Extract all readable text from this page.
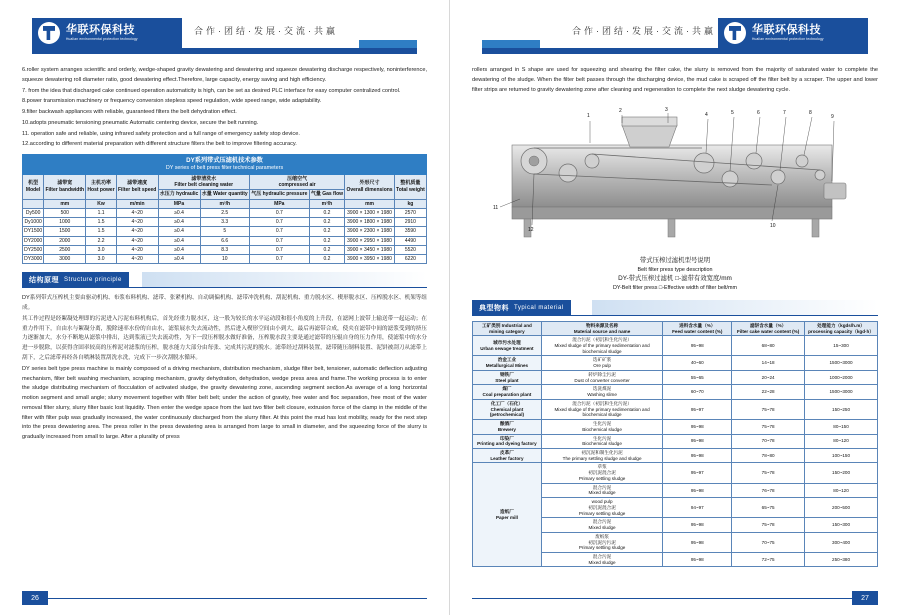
华联环保科技
Hualian environmental protection technology
合作·团结·发展·交流·共赢

6.roller system arranges scientific and orderly, wedge-shaped gravity dewatering and dewatering and squeeze dewatering discharge respectively, noninterference, squeeze dewatering roll diameter ratio, good dewatering effect.Therefore, large capacity, energy saving and high efficiency.

7. from the idea that discharged cake continued operation automaticity is high, can be set as desired PLC interface for easy computer centralized control.

8.power transmission machinery or frequency conversion stepless speed regulation, wide speed range, wide adaptability.

9.filter backwash appliances with reliable, guaranteed filters the belt dehydration effect.

10.adopts pneumatic tensioning pneumatic Automatic centering device, secure the belt running.

11. operation safe and reliable, using infrared safety protection and a full range of emergency safety stop device.

12.according to different material preparation with different structure filters the belt to improve filtering accuracy.

DY系列带式压滤机技术参数
DY series of belt press filter technical parameters									

机型
Model

滤带宽
Filter bandwidth

主机功率
Host power

滤带速度
Filter belt speed

滤带清洗水
Filter belt cleaning water

压缩空气
compressed air	外形尺寸
Overall dimensions

整机质量
Total weight

				水压力 hydraulic	水量 Water quantity	气压 hydraulic pressure	气量 Gas flow		

	mm	Kw	m/min	MPa	m³/h	MPa	m³/h	mm	kg
Dy500	500	1.1	4~20	≥0.4	2.5	0.7	0.2	3900 × 1300 × 1980	2570
Dy1000	1000	1.5	4~20	≥0.4	3.3	0.7	0.2	3900 × 1800 × 1980	2910
DY1500	1500	1.5	4~20	≥0.4	5	0.7	0.2	3900 × 2300 × 1980	3590
DY2000	2000	2.2	4~20	≥0.4	6.6	0.7	0.2	3900 × 2950 × 1980	4490
DY2500	2500	3.0	4~20	≥0.4	8.3	0.7	0.2	3900 × 3450 × 1980	5520
DY3000	3000	3.0	4~20	≥0.4	10	0.7	0.2	3900 × 3950 × 1980	6220
结构原理 Structure principle

DY系列带式压榨机主要由驱动机构、布浆布料机构、滤带、张紧机构、自动调偏机构、滤带冲洗机构、刮泥机构、重力脱水区、楔形脱水区、压榨脱水区、机架等组成。

其工作过程是经絮凝处理即的污泥进入污泥布料机构后，首先经重力脱水区，这一股为较长的水平运动段和很小角度的上升段，在滤网上波带上输送带一起运动；在重力作用下，自由水与絮凝分离，脱除速率水份的自由水，滤浆展水失去流动性，然后进入楔形空间由小到大，最后再滤带合成，使夹在滤带中间的滤浆受到的挤压力逐渐加大，水分不断地从滤浆中排出，达到浆液已失去流动性，为下一段压榨脱水做好准备，压榨脱水段主要是通过滤带的压辊自身的压力作用，使滤浆中的水分进一步脱除，以获得含固率较高的压榨泥对滤浆的压榨，脱水能力大部分由每张、完成其污泥的脱水。滤带经过刮料装置，滤带随压制料装置、泥饼被刮刀从滤带上刮下，之后滤带再经各自喷淋装置刮洗水洗，完成下一步次刮脱水循环。

DY series belt type press machine is mainly composed of a driving mechanism, distribution mechanism, sludge filter belt, tensioner, automatic deflection adjusting mechanism, filter belt washing mechanism, scraping mechanism, gravity dehydration, dehydration, wedge press area and frame.The working process is to enter the sludge distributing mechanism of flocculation of activated sludge, the gravity dewatering zone, ascending segment section.As average of a long horizontal motion segment and small angle; slurry movement together with filter belt belt; under the action of gravity, free water and floc separation, free most of the water removal filter slurry, slurry filter basic lost liquidity. Then enter the wedge space from the last two filter belt closure, extrusion force of the clamp in the middle of the filter with filter pulp was gradually increased, the water continuously discharged from the slurry filter. At this point the mud has lost mobility, ready for the next step into the press dewatering area. The press roller in the press dewatering area is arranged from large to small in diameter, and the squeezing force of the slurry is gradually increased from small to large. After a plurality of press

26
华联环保科技
Hualian environmental protection technology
合作·团结·发展·交流·共赢

rollers arranged in S shape are used for squeezing and shearing the filter cake, the slurry is removed from the majority of saturated water to complete the dewatering of the sludge. When the filter belt passes through the discharging device, the mud cake is scraped off the filter belt by a scraper. The upper and lower filter strips are returned to gravity dewatering zone after cleaning and regeneration to complete the next sludge dewatering cycle.

1
2	3
4	5	6	7	8
9
10
11
12
带式压榨过滤机型号说明
Belt filter press type description
DY-带式压榨过滤机 □-滤带有效宽度/mm
DY-Belt filter press □-Effective width of filter belt/mm
典型物料 Typical material
工矿类别 Industrial and mining category

物料来源及名称
Material source and name

进料含水量（%）
Feed water content (%)

滤饼含水量（%）
Filter cake water content (%)

处理能力（kgds/h.m）
processing capacity（kgd·h）

城市污水处理
Urban sewage treatment

混合污泥（初沉和生化污泥）
Mixed sludge of the primary sedimentation and biochemical sludge
	95~98	68~80	15~300

治金工业
Metallurgical Mines

选矿矿浆
Ore pulp
	40~60	14~18	1500~3000

钢铁厂
Steel plant

转炉除尘污泥
Dust of converter converter
	55~65	20~24	1000~2000

煤厂
Coal preparation plant

选洗煤泥
Washing slime
	60~70	22~28	1500~3000

化工厂（石化）
Chemical plant (petrochemical)

混合污泥（初沉和生化污泥）
Mixed sludge of the primary sedimentation and biochemical sludge
	95~97	75~78	150~250

酿酒厂
Brewery

生化污泥
Biochemical sludge
	95~98	75~78	80~150

印染厂
Printing and dyeing factory

生化污泥
Biochemical sludge
	95~98	70~78	80~120

皮革厂
Leather factory

初沉泥和制生化污泥
The primary settling sludge and sludge
	95~98	78~80	100~150

造纸厂
Paper mill

草浆
初沉泥混合泥
Primary settling sludge
	95~97	75~78	150~200

	混合污泥
Mixed sludge	95~98	76~78	80~120

	wood pulp
初沉泥混合泥
Primary settling sludge	94~97	65~75	200~500

	混合污泥
Mixed sludge	95~98	75~78	150~300

	废纸浆
初沉泥污污泥
Primary settling sludge	95~98	70~75	300~400

	混合污泥
Mixed sludge	95~98	72~75	250~380
27
